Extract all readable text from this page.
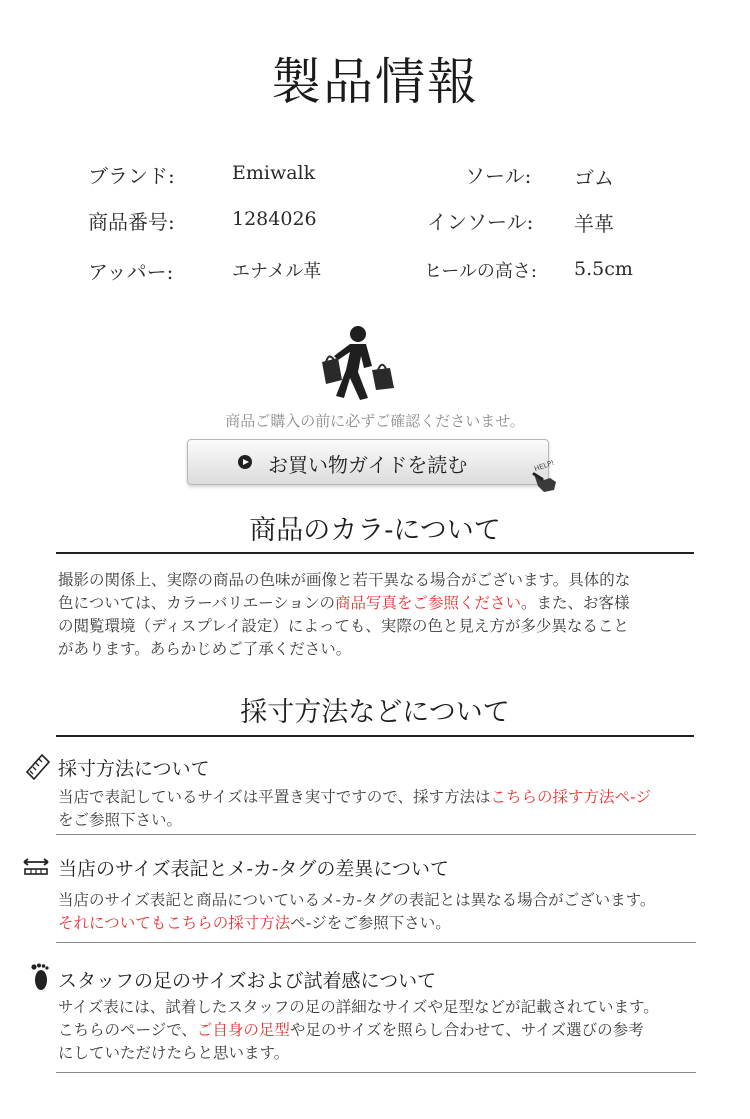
製品情報
ブランド:	Emiwalk	ソール: ゴム
商品番号:	1284026	インソール: 羊革
アッパー:	エナメル革	ヒールの高さ: 5.5cm
商品ご購入の前に必ずご確認くださいませ。
お買い物ガイドを読む	HELP!
商品のカラ-について
撮影の関係上、実際の商品の色味が画像と若干異なる場合がございます。具体的な
色については、カラーバリエーションの商品写真をご参照ください。また、お客様
の閲覧環境（ディスプレイ設定）によっても、実際の色と見え方が多少異なること
があります。あらかじめご了承ください。
採寸方法などについて
採寸方法について
当店で表記しているサイズは平置き実寸ですので、採す方法はこちらの採す方法ペ-ジ
をご参照下さい。
当店のサイズ表記とメ-カ-タグの差異について
当店のサイズ表記と商品についているメ-カ-タグの表記とは異なる場合がございます。
それについてもこちらの採寸方法ペ-ジをご参照下さい。
スタッフの足のサイズおよび試着感について
サイズ表には、試着したスタッフの足の詳細なサイズや足型などが記載されています。
こちらのページで、ご自身の足型や足のサイズを照らし合わせて、サイズ選びの参考
にしていただけたらと思います。
